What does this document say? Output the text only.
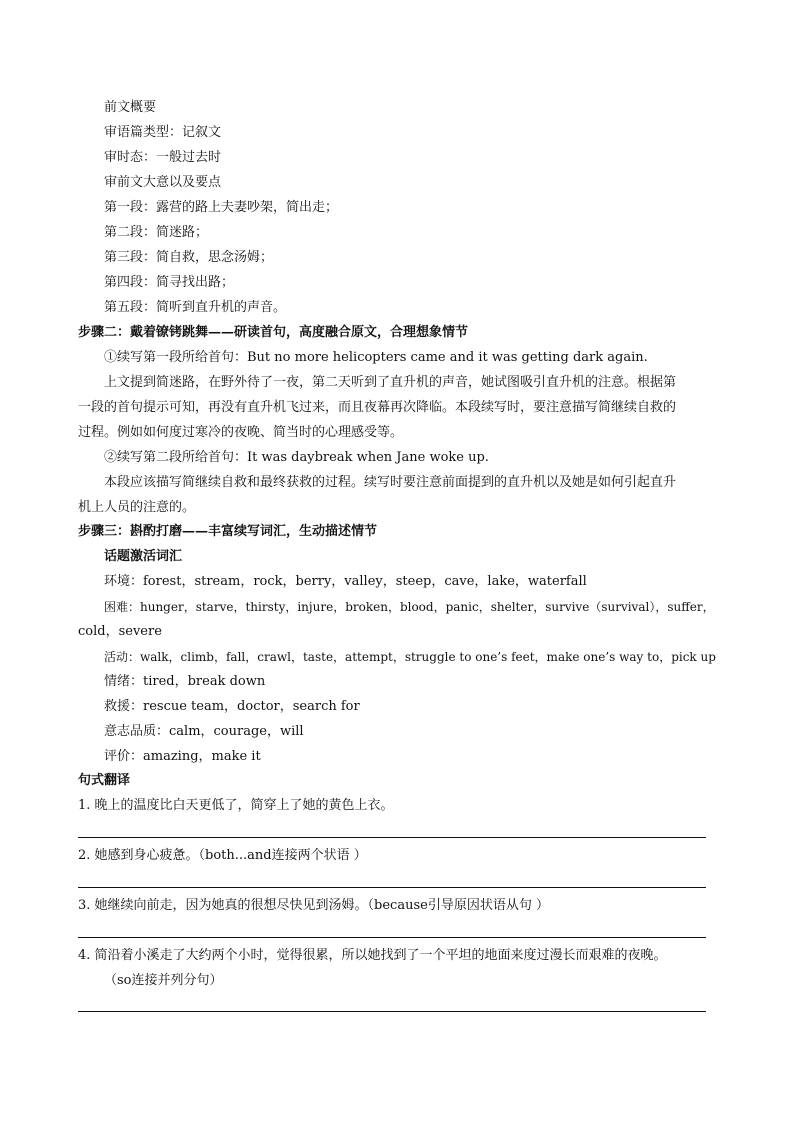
前文概要
审语篇类型：记叙文
审时态：一般过去时
审前文大意以及要点
第一段：露营的路上夫妻吵架，简出走；
第二段：简迷路；
第三段：简自救，思念汤姆；
第四段：简寻找出路；
第五段：简听到直升机的声音。
步骤二：戴着镣铐跳舞——研读首句，高度融合原文，合理想象情节
①续写第一段所给首句：But no more helicopters came and it was getting dark again.
上文提到简迷路，在野外待了一夜，第二天听到了直升机的声音，她试图吸引直升机的注意。根据第
一段的首句提示可知，再没有直升机飞过来，而且夜幕再次降临。本段续写时，要注意描写简继续自救的
过程。例如如何度过寒冷的夜晚、简当时的心理感受等。
②续写第二段所给首句：It was daybreak when Jane woke up.
本段应该描写简继续自救和最终获救的过程。续写时要注意前面提到的直升机以及她是如何引起直升
机上人员的注意的。
步骤三：斟酌打磨——丰富续写词汇，生动描述情节
话题激活词汇
环境：forest，stream，rock，berry，valley，steep，cave，lake，waterfall
困难：hunger，starve，thirsty，injure，broken，blood，panic，shelter，survive（survival），suffer，
cold，severe
活动：walk，climb，fall，crawl，taste，attempt，struggle to one’s feet，make one’s way to，pick up
情绪：tired，break down
救援：rescue team，doctor，search for
意志品质：calm，courage，will
评价：amazing，make it
句式翻译
1. 晚上的温度比白天更低了，简穿上了她的黄色上衣。
2. 她感到身心疲惫。（both...and连接两个状语 ）
3. 她继续向前走，因为她真的很想尽快见到汤姆。（because引导原因状语从句 ）
4. 简沿着小溪走了大约两个小时，觉得很累，所以她找到了一个平坦的地面来度过漫长而艰难的夜晚。
（so连接并列分句）
